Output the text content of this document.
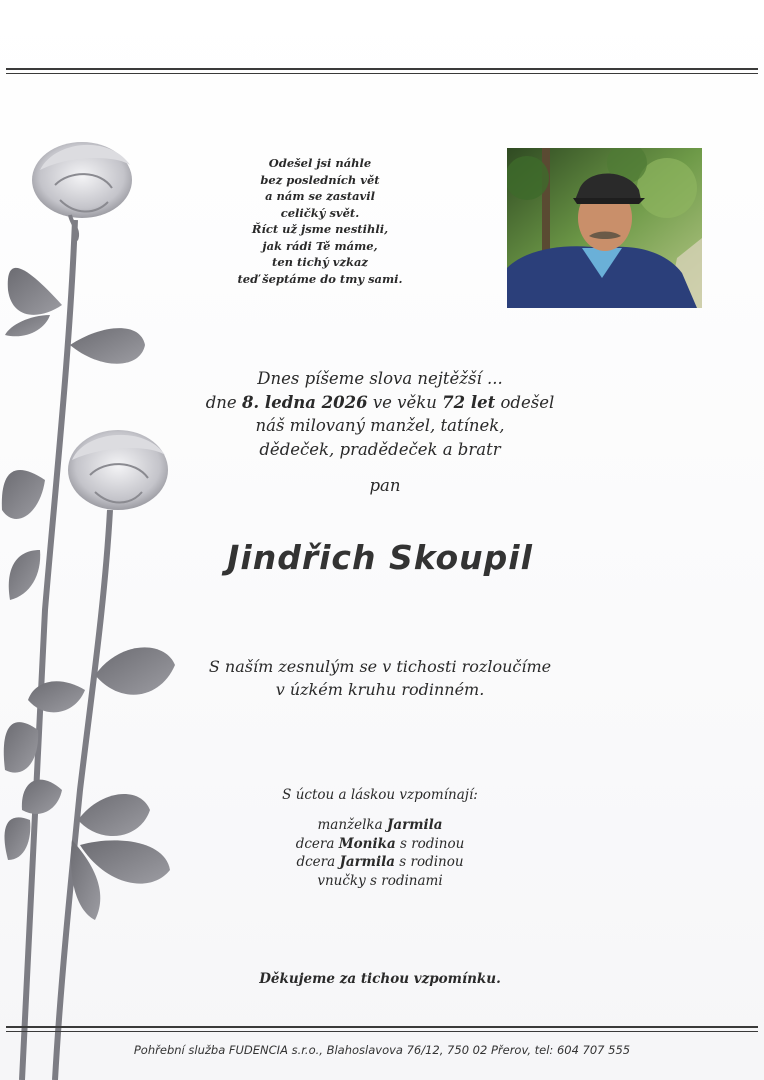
Odešel jsi náhle
bez posledních vět
a nám se zastavil
celičký svět.
Říct už jsme nestihli,
jak rádi Tě máme,
ten tichý vzkaz
teď šeptáme do tmy sami.
Dnes píšeme slova nejtěžší ...
dne 8. ledna 2026 ve věku 72 let odešel
náš milovaný manžel, tatínek,
dědeček, pradědeček a bratr
pan
Jindřich Skoupil
S naším zesnulým se v tichosti rozloučíme
v úzkém kruhu rodinném.
S úctou a láskou vzpomínají:
manželka Jarmila
dcera Monika s rodinou
dcera Jarmila s rodinou
vnučky s rodinami
Děkujeme za tichou vzpomínku.
Pohřební služba FUDENCIA s.r.o., Blahoslavova 76/12, 750 02 Přerov, tel: 604 707 555
